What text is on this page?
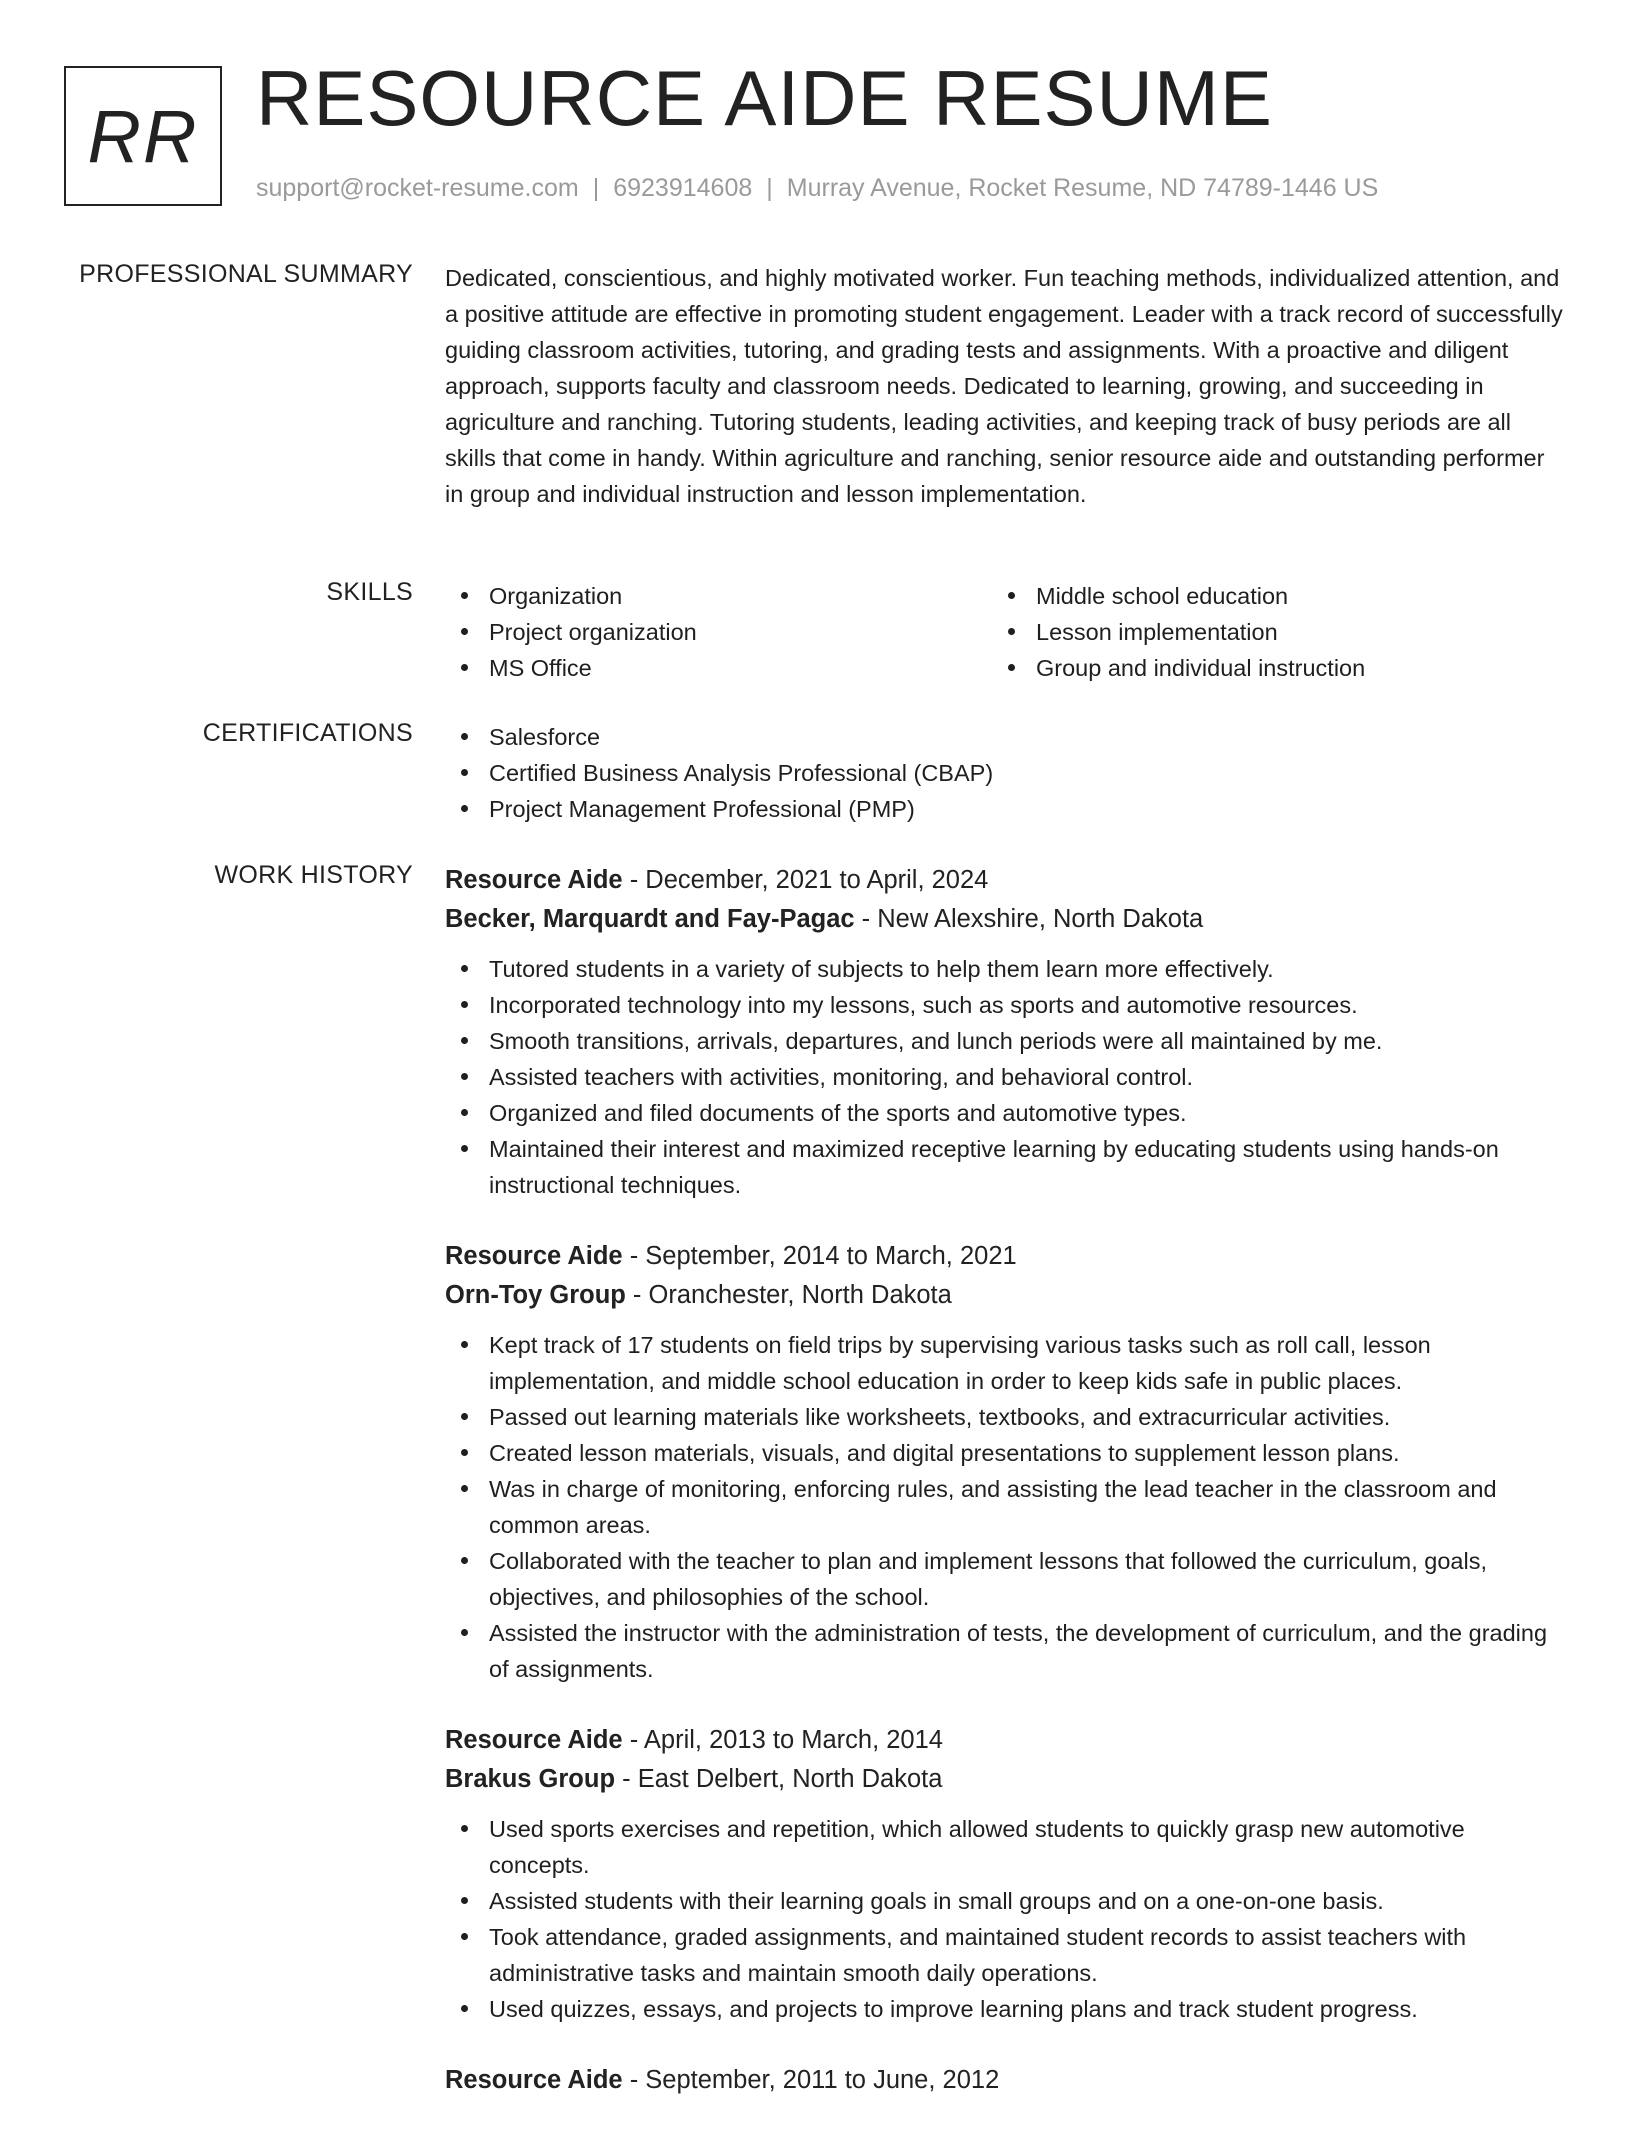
RR RESOURCE AIDE RESUME
support@rocket-resume.com | 6923914608 | Murray Avenue, Rocket Resume, ND 74789-1446 US
PROFESSIONAL SUMMARY Dedicated, conscientious, and highly motivated worker. Fun teaching methods, individualized attention, and a positive attitude are effective in promoting student engagement. Leader with a track record of successfully guiding classroom activities, tutoring, and grading tests and assignments. With a proactive and diligent approach, supports faculty and classroom needs. Dedicated to learning, growing, and succeeding in agriculture and ranching. Tutoring students, leading activities, and keeping track of busy periods are all skills that come in handy. Within agriculture and ranching, senior resource aide and outstanding performer in group and individual instruction and lesson implementation.

SKILLS	Organization
Project organization
MS Office
Middle school education
Lesson implementation
Group and individual instruction
CERTIFICATIONS	Salesforce
Certified Business Analysis Professional (CBAP)
Project Management Professional (PMP)
WORK HISTORY Resource Aide - December, 2021 to April, 2024
Becker, Marquardt and Fay-Pagac - New Alexshire, North Dakota
Tutored students in a variety of subjects to help them learn more effectively.
Incorporated technology into my lessons, such as sports and automotive resources.
Smooth transitions, arrivals, departures, and lunch periods were all maintained by me.
Assisted teachers with activities, monitoring, and behavioral control.
Organized and filed documents of the sports and automotive types.
Maintained their interest and maximized receptive learning by educating students using hands-on instructional techniques.
Resource Aide - September, 2014 to March, 2021
Orn-Toy Group - Oranchester, North Dakota
Kept track of 17 students on field trips by supervising various tasks such as roll call, lesson implementation, and middle school education in order to keep kids safe in public places.
Passed out learning materials like worksheets, textbooks, and extracurricular activities.
Created lesson materials, visuals, and digital presentations to supplement lesson plans.
Was in charge of monitoring, enforcing rules, and assisting the lead teacher in the classroom and common areas.
Collaborated with the teacher to plan and implement lessons that followed the curriculum, goals, objectives, and philosophies of the school.
Assisted the instructor with the administration of tests, the development of curriculum, and the grading of assignments.
Resource Aide - April, 2013 to March, 2014
Brakus Group - East Delbert, North Dakota
Used sports exercises and repetition, which allowed students to quickly grasp new automotive concepts.
Assisted students with their learning goals in small groups and on a one-on-one basis.
Took attendance, graded assignments, and maintained student records to assist teachers with administrative tasks and maintain smooth daily operations.
Used quizzes, essays, and projects to improve learning plans and track student progress.
Resource Aide - September, 2011 to June, 2012
